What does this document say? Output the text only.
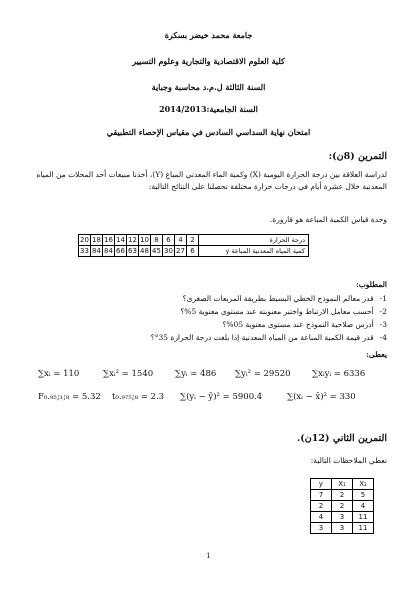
جامعة محمد خيضر بسكرة
كلية العلوم الاقتصادية والتجارية وعلوم التسيير
السنة الثالثة ل.م.د محاسبة وجباية
السنة الجامعية:2014/2013
امتحان نهاية السداسي السادس في مقياس الإحصاء التطبيقي
التمرين (8ن):
لدراسة العلاقة بين درجة الحرارة اليومية (X) وكمية الماء المعدني المباع (Y)، أخذنا مبيعات أحد المحلات من المياه
المعدنية خلال عشرة أيام في درجات حرارة مختلفة تحصلنا على النتائج التالية:
وحدة قياس الكمية المباعة هو قارورة.
20	18	16	14	12	10	8	6	4	2	درجة الحرارة
33	84	84	66	63	48	45	30	27	6	كمية المياه المعدنية المباعة y
المطلوب:
1-قدر معالم النموذج الخطي البسيط بطريقة المربعات الصغرى؟
2-أحسب معامل الارتباط واختبر معنويته عند مستوى معنوية 5%؟
3-أدرس صلاحية النموذج عند مستوى معنوية 05%؟
4-قدر قيمة الكمية المباعة من المياه المعدنية إذا بلغت درجة الحرارة 35°؟
يعطى:
∑xᵢ = 110	∑xᵢ² = 1540	∑yᵢ = 486 ∑yᵢ² = 29520	∑xᵢyᵢ = 6336
F₀.₉₅;₁;₈ = 5.32 t₀.₉₇₅;₈ = 2.3 ∑(yᵢ − ȳ)² = 5900.4	∑(xᵢ − x̄)² = 330
التمرين الثاني (12ن).
نعطي الملاحظات التالية:
y	X₁	X₂
7	2	5
2	2	4
4	3	11
3	3	11
1
